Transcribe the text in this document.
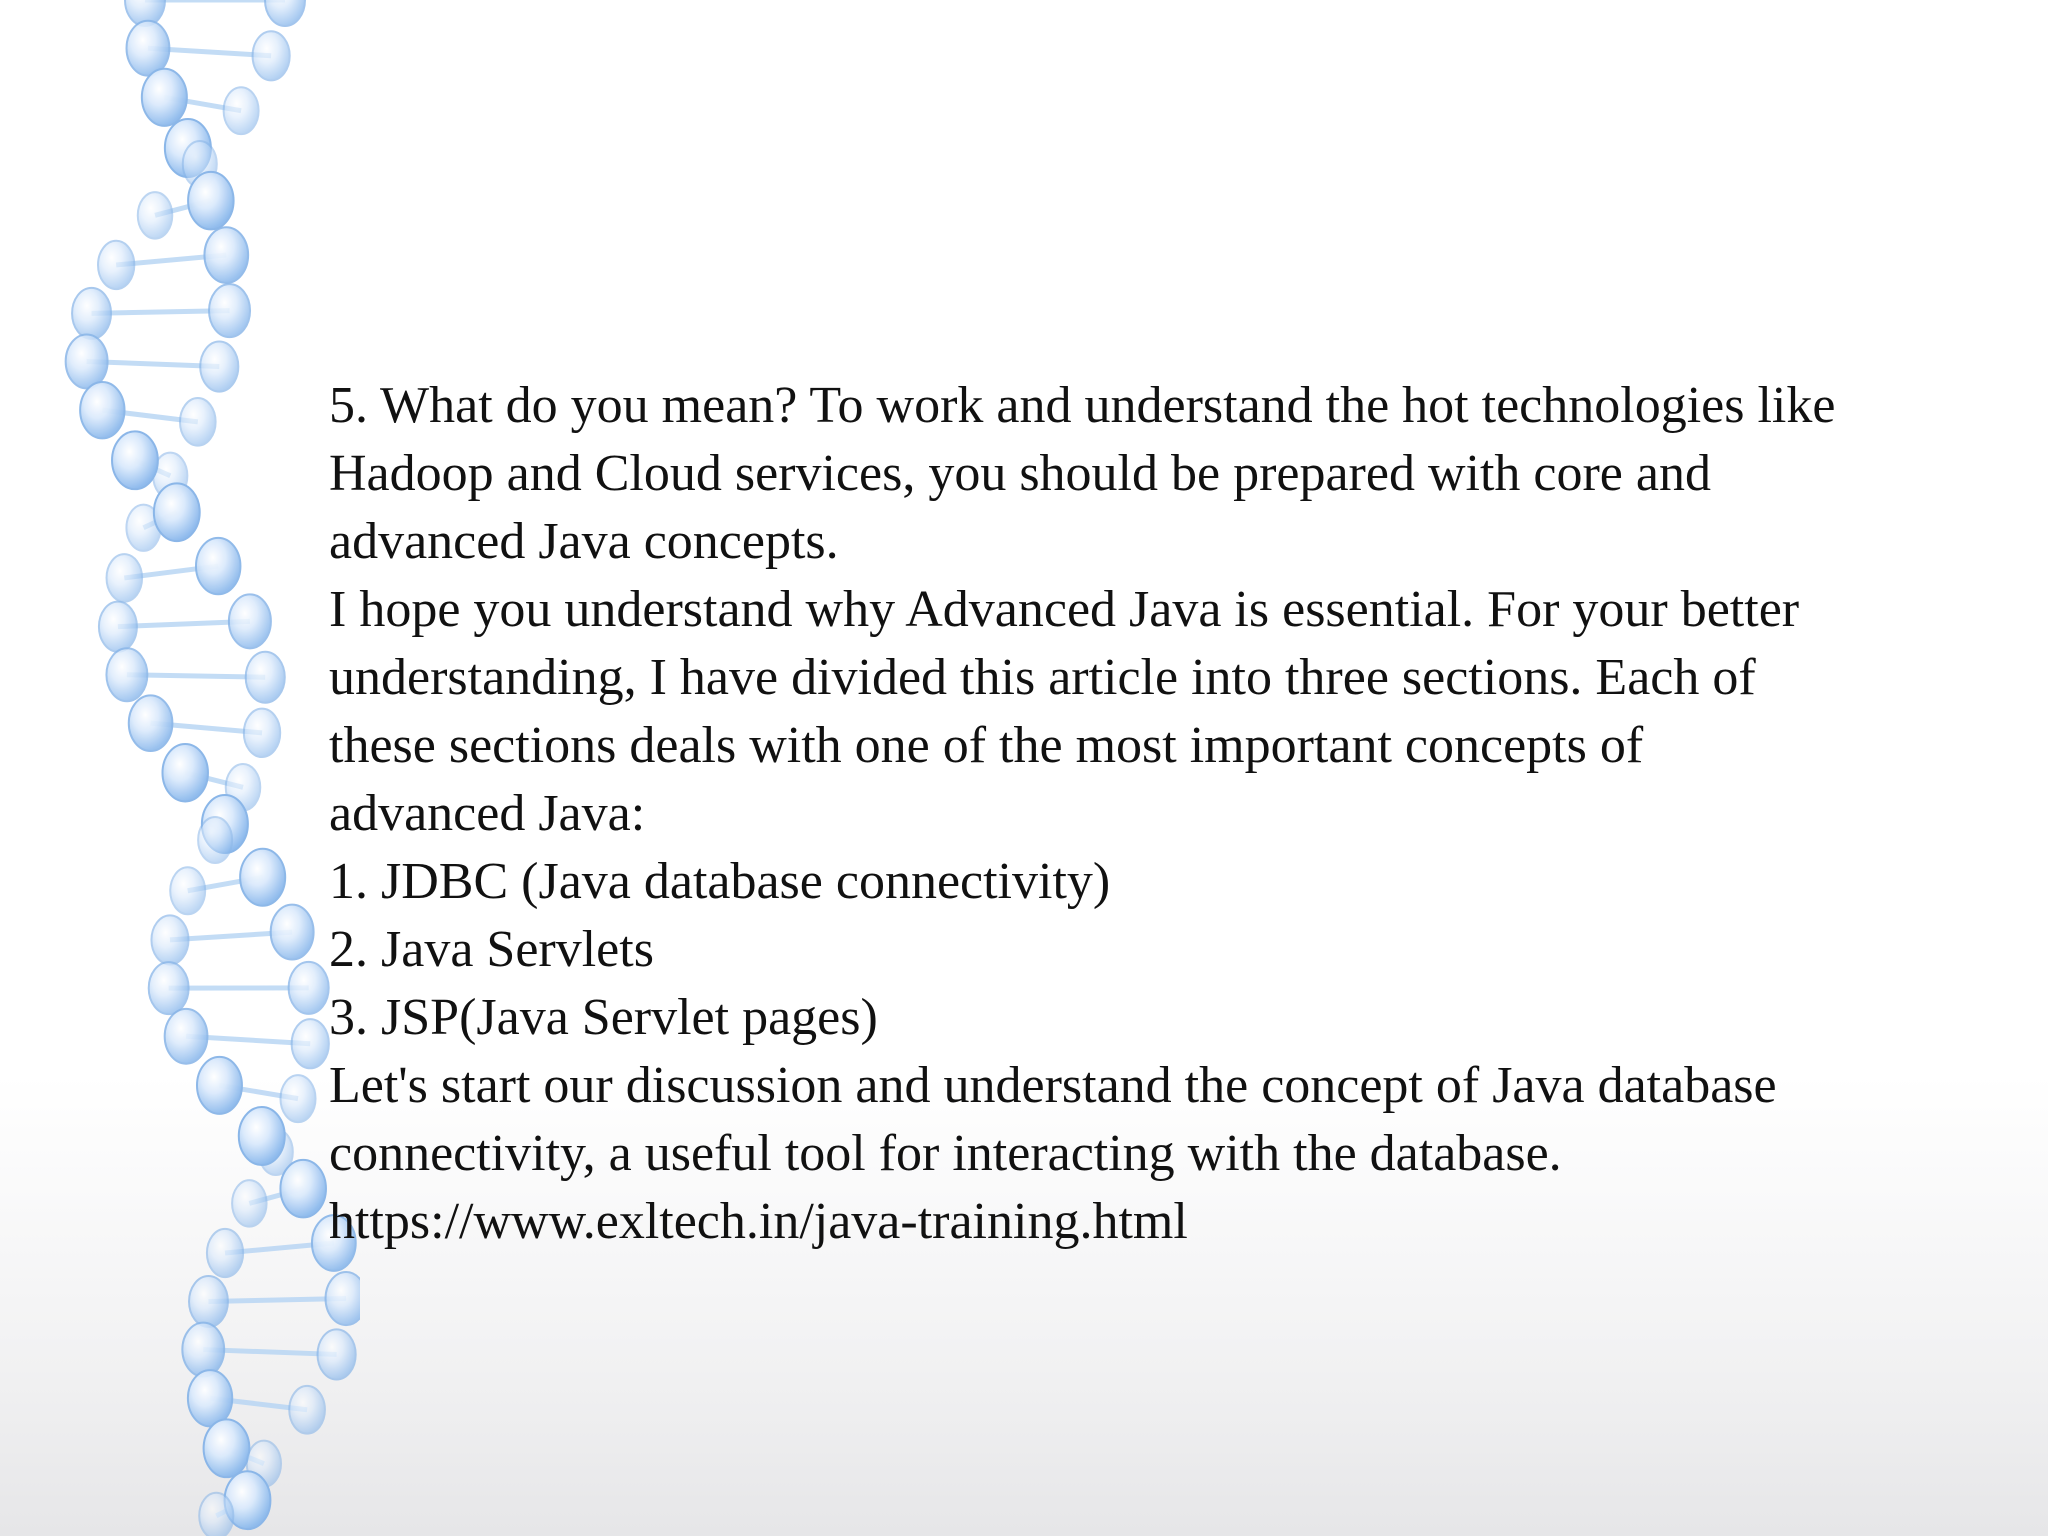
5. What do you mean? To work and understand the hot technologies like
Hadoop and Cloud services, you should be prepared with core and
advanced Java concepts.
I hope you understand why Advanced Java is essential. For your better
understanding, I have divided this article into three sections. Each of
these sections deals with one of the most important concepts of
advanced Java:
1. JDBC (Java database connectivity)
2. Java Servlets
3. JSP(Java Servlet pages)
Let's start our discussion and understand the concept of Java database
connectivity, a useful tool for interacting with the database.
https://www.exltech.in/java-training.html
